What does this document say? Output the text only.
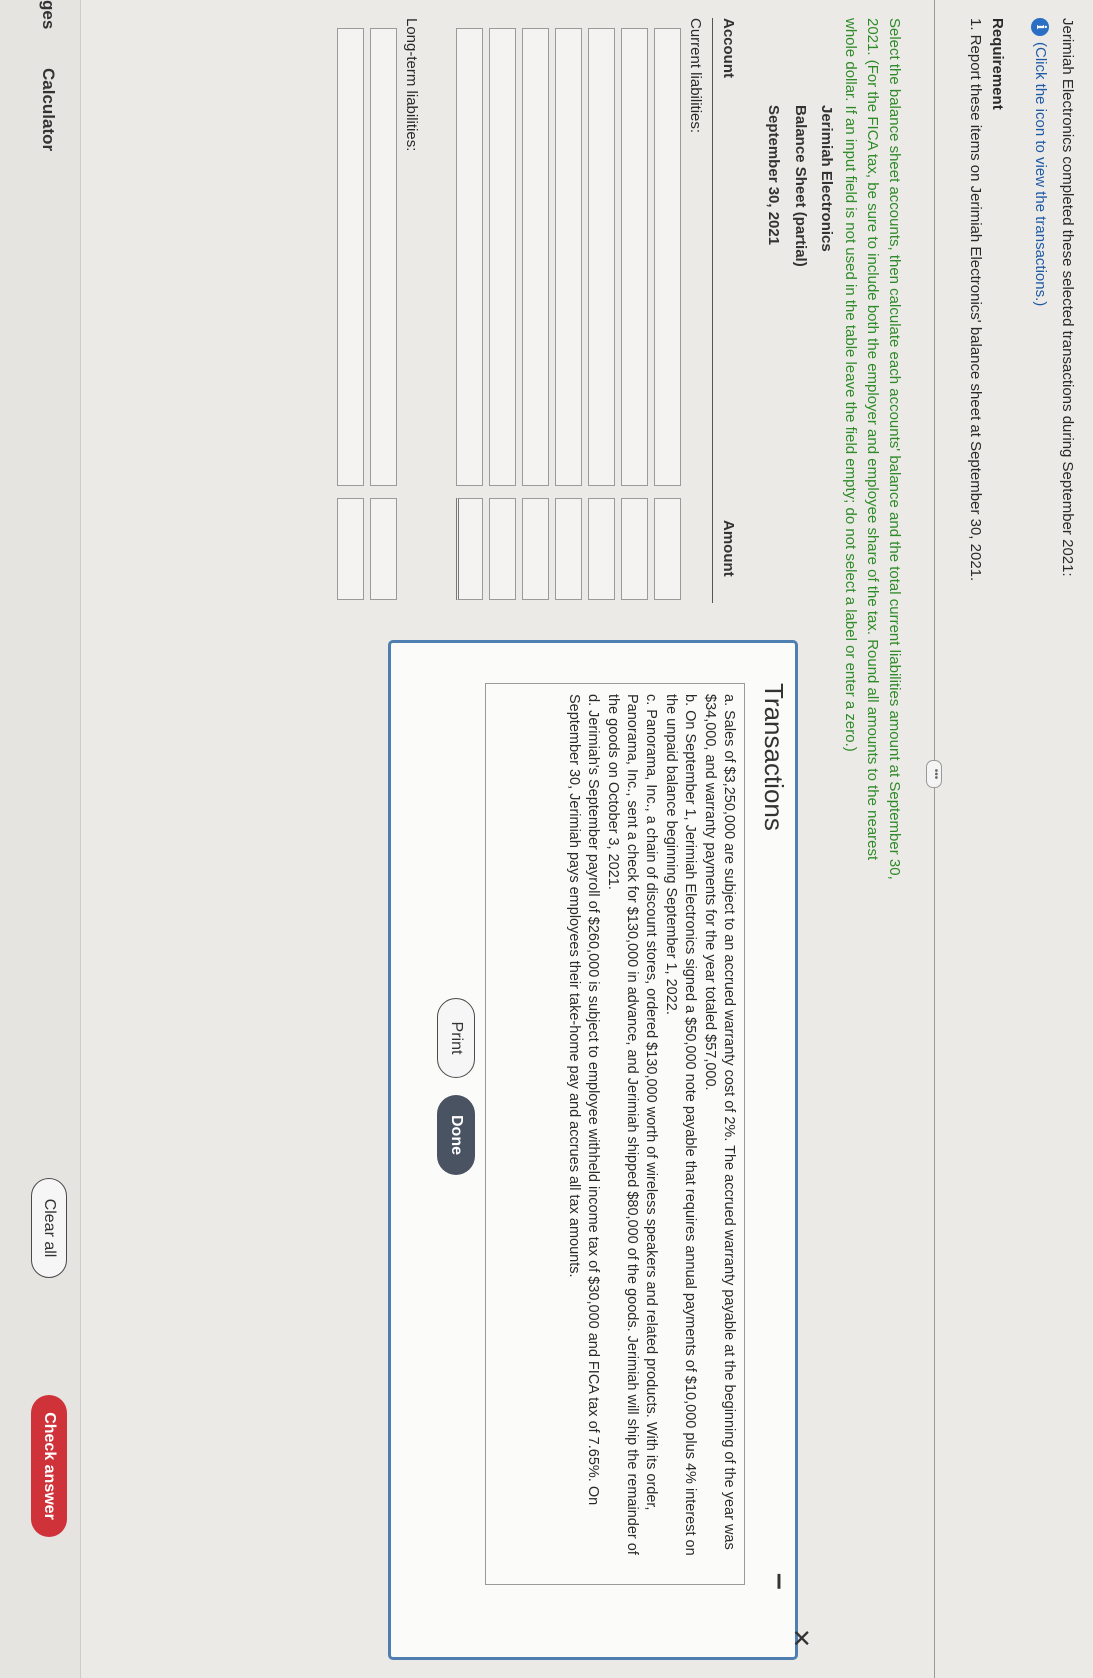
Jerimiah Electronics completed these selected transactions during September 2021:
i
(Click the icon to view the transactions.)
Requirement
1. Report these items on Jerimiah Electronics' balance sheet at September 30, 2021.
•••
Select the balance sheet accounts, then calculate each accounts' balance and the total current liabilities amount at September 30, 2021. (For the FICA tax, be sure to include both the employer and employee share of the tax. Round all amounts to the nearest whole dollar. If an input field is not used in the table leave the field empty; do not select a label or enter a zero.)
Jerimiah Electronics
Balance Sheet (partial)
September 30, 2021
Account
Amount
Current liabilities:
Long-term liabilities:
Transactions
–
✕
a. Sales of $3,250,000 are subject to an accrued warranty cost of 2%. The accrued warranty payable at the beginning of the year was $34,000, and warranty payments for the year totaled $57,000.
b. On September 1, Jerimiah Electronics signed a $50,000 note payable that requires annual payments of $10,000 plus 4% interest on the unpaid balance beginning September 1, 2022.
c. Panorama, Inc., a chain of discount stores, ordered $130,000 worth of wireless speakers and related products. With its order, Panorama, Inc., sent a check for $130,000 in advance, and Jerimiah shipped $80,000 of the goods. Jerimiah will ship the remainder of the goods on October 3, 2021.
d. Jerimiah's September payroll of $260,000 is subject to employee withheld income tax of $30,000 and FICA tax of 7.65%. On September 30, Jerimiah pays employees their take-home pay and accrues all tax amounts.
Print
Done
ges
Calculator
Clear all
Check answer
